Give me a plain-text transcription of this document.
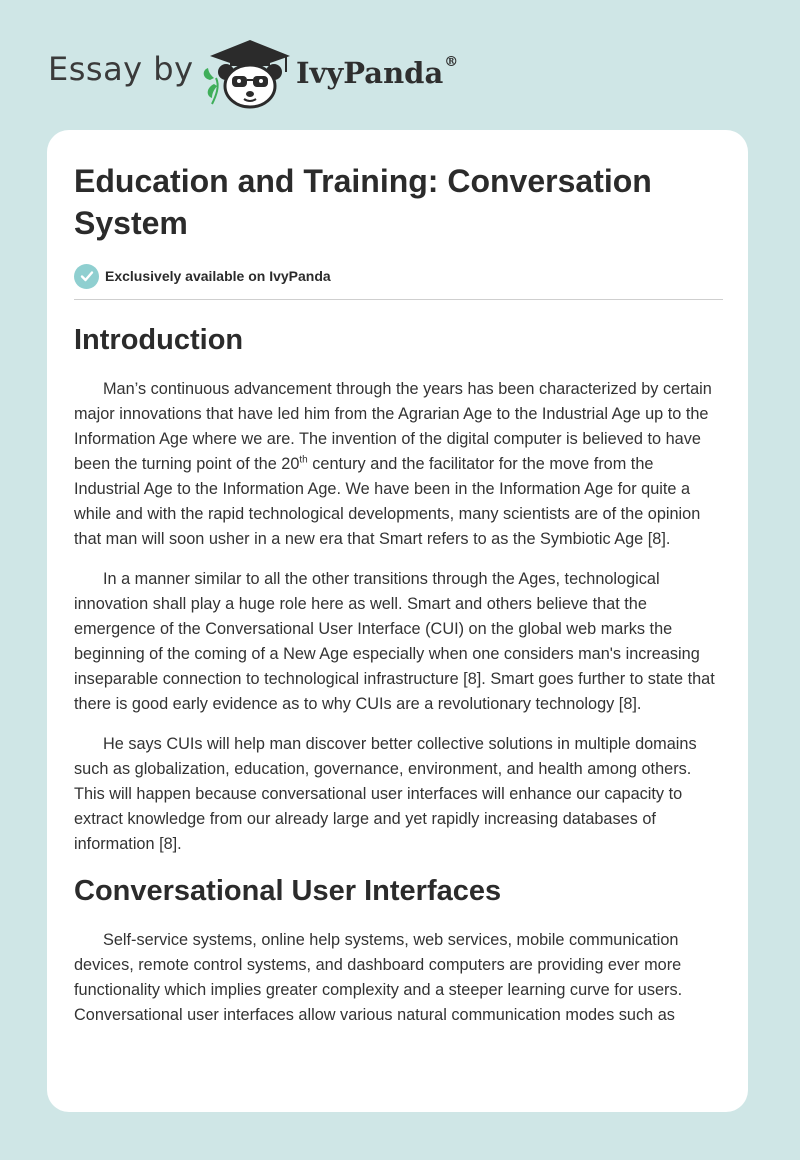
Essay by	IvyPanda®
Education and Training: Conversation System
Exclusively available on IvyPanda
Introduction

Man’s continuous advancement through the years has been characterized by certain major innovations that have led him from the Agrarian Age to the Industrial Age up to the Information Age where we are. The invention of the digital computer is believed to have been the turning point of the 20th century and the facilitator for the move from the Industrial Age to the Information Age. We have been in the Information Age for quite a while and with the rapid technological developments, many scientists are of the opinion that man will soon usher in a new era that Smart refers to as the Symbiotic Age [8].

In a manner similar to all the other transitions through the Ages, technological innovation shall play a huge role here as well. Smart and others believe that the emergence of the Conversational User Interface (CUI) on the global web marks the beginning of the coming of a New Age especially when one considers man's increasing inseparable connection to technological infrastructure [8]. Smart goes further to state that there is good early evidence as to why CUIs are a revolutionary technology [8].

He says CUIs will help man discover better collective solutions in multiple domains such as globalization, education, governance, environment, and health among others. This will happen because conversational user interfaces will enhance our capacity to extract knowledge from our already large and yet rapidly increasing databases of information [8].

Conversational User Interfaces

Self-service systems, online help systems, web services, mobile communication devices, remote control systems, and dashboard computers are providing ever more functionality which implies greater complexity and a steeper learning curve for users. Conversational user interfaces allow various natural communication modes such as
